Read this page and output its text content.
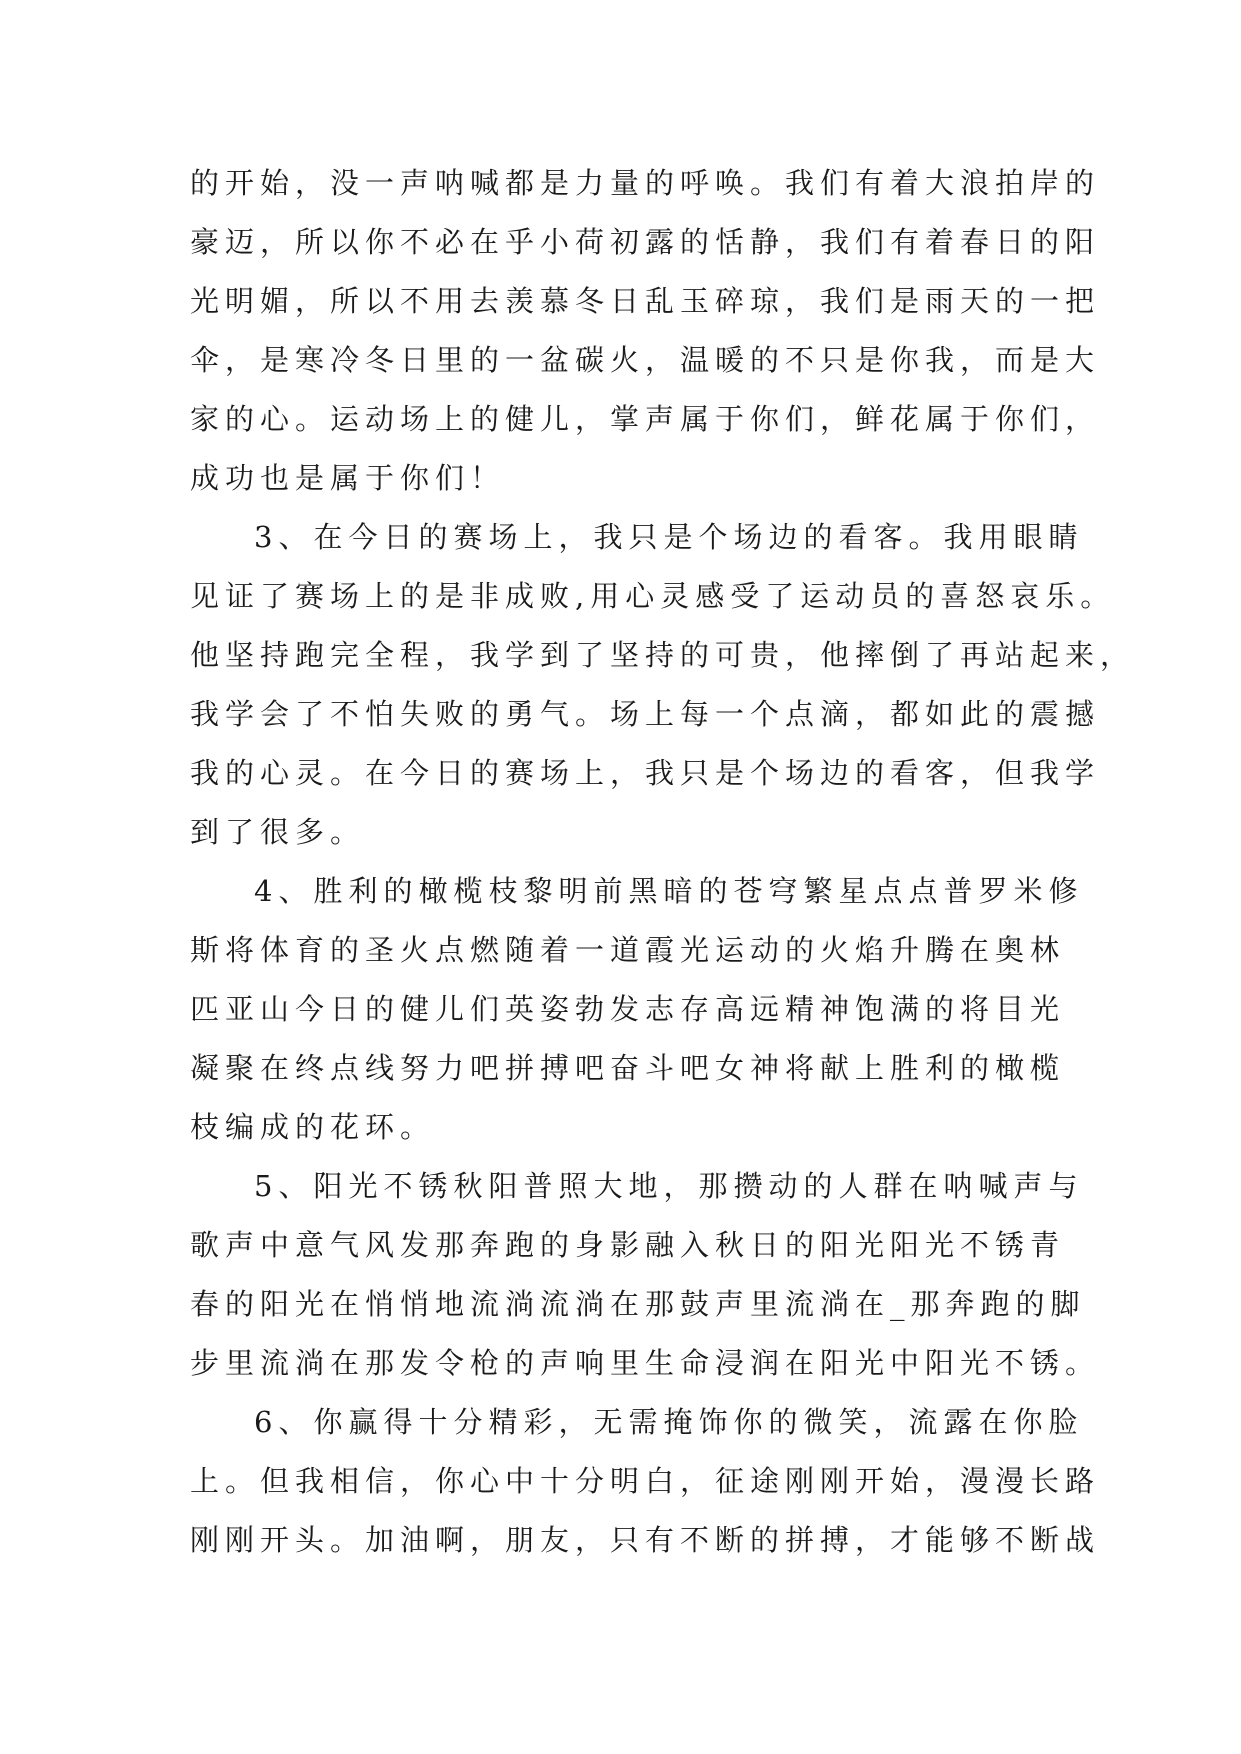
的开始，没一声呐喊都是力量的呼唤。我们有着大浪拍岸的
豪迈，所以你不必在乎小荷初露的恬静，我们有着春日的阳
光明媚，所以不用去羡慕冬日乱玉碎琼，我们是雨天的一把
伞，是寒冷冬日里的一盆碳火，温暖的不只是你我，而是大
家的心。运动场上的健儿，掌声属于你们，鲜花属于你们，
成功也是属于你们！
3、在今日的赛场上，我只是个场边的看客。我用眼睛
见证了赛场上的是非成败,用心灵感受了运动员的喜怒哀乐。
他坚持跑完全程，我学到了坚持的可贵，他摔倒了再站起来，
我学会了不怕失败的勇气。场上每一个点滴，都如此的震撼
我的心灵。在今日的赛场上，我只是个场边的看客，但我学
到了很多。
4、胜利的橄榄枝黎明前黑暗的苍穹繁星点点普罗米修
斯将体育的圣火点燃随着一道霞光运动的火焰升腾在奥林
匹亚山今日的健儿们英姿勃发志存高远精神饱满的将目光
凝聚在终点线努力吧拼搏吧奋斗吧女神将献上胜利的橄榄
枝编成的花环。
5、阳光不锈秋阳普照大地，那攒动的人群在呐喊声与
歌声中意气风发那奔跑的身影融入秋日的阳光阳光不锈青
春的阳光在悄悄地流淌流淌在那鼓声里流淌在_那奔跑的脚
步里流淌在那发令枪的声响里生命浸润在阳光中阳光不锈。
6、你赢得十分精彩，无需掩饰你的微笑，流露在你脸
上。但我相信，你心中十分明白，征途刚刚开始，漫漫长路
刚刚开头。加油啊，朋友，只有不断的拼搏，才能够不断战
